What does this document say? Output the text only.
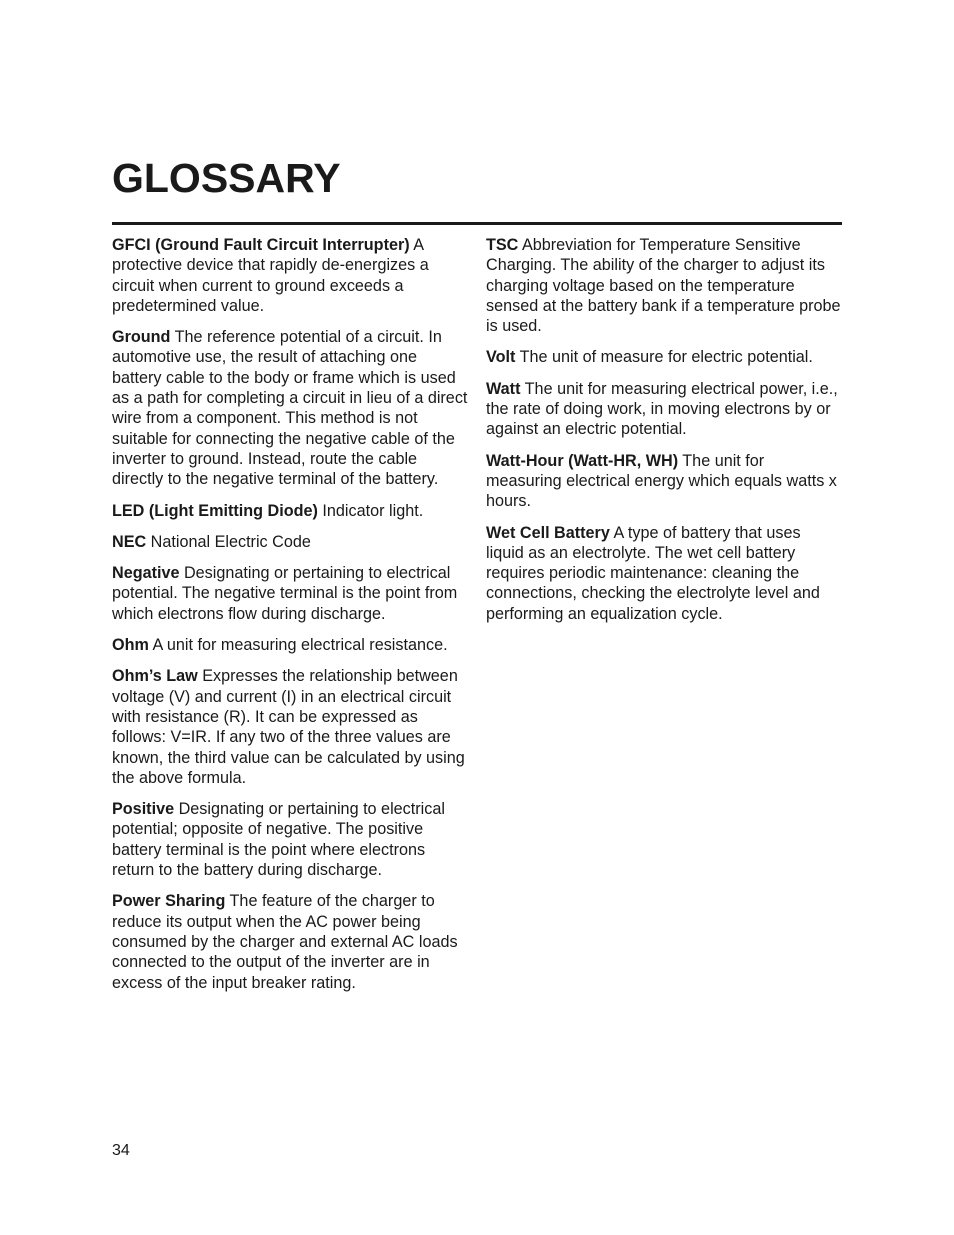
GLOSSARY

GFCI (Ground Fault Circuit Interrupter) A protective device that rapidly de-energizes a circuit when current to ground exceeds a predetermined value.

Ground The reference potential of a circuit. In automotive use, the result of attaching one battery cable to the body or frame which is used as a path for completing a circuit in lieu of a direct wire from a component. This method is not suitable for connecting the negative cable of the inverter to ground. Instead, route the cable directly to the negative terminal of the battery.

LED (Light Emitting Diode) Indicator light.

NEC National Electric Code

Negative Designating or pertaining to electrical potential. The negative terminal is the point from which electrons flow during discharge.

Ohm A unit for measuring electrical resistance.

Ohm’s Law Expresses the relationship between voltage (V) and current (I) in an electrical circuit with resistance (R). It can be expressed as follows: V=IR. If any two of the three values are known, the third value can be calculated by using the above formula.

Positive Designating or pertaining to electrical potential; opposite of negative. The positive battery terminal is the point where electrons return to the battery during discharge.

Power Sharing The feature of the charger to reduce its output when the AC power being consumed by the charger and external AC loads connected to the output of the inverter are in excess of the input breaker rating.

TSC Abbreviation for Temperature Sensitive Charging. The ability of the charger to adjust its charging voltage based on the temperature sensed at the battery bank if a temperature probe is used.

Volt The unit of measure for electric potential.

Watt The unit for measuring electrical power, i.e., the rate of doing work, in moving electrons by or against an electric potential.

Watt-Hour (Watt-HR, WH) The unit for measuring electrical energy which equals watts x hours.

Wet Cell Battery A type of battery that uses liquid as an electrolyte. The wet cell battery requires periodic maintenance: cleaning the connections, checking the electrolyte level and performing an equalization cycle.

34
